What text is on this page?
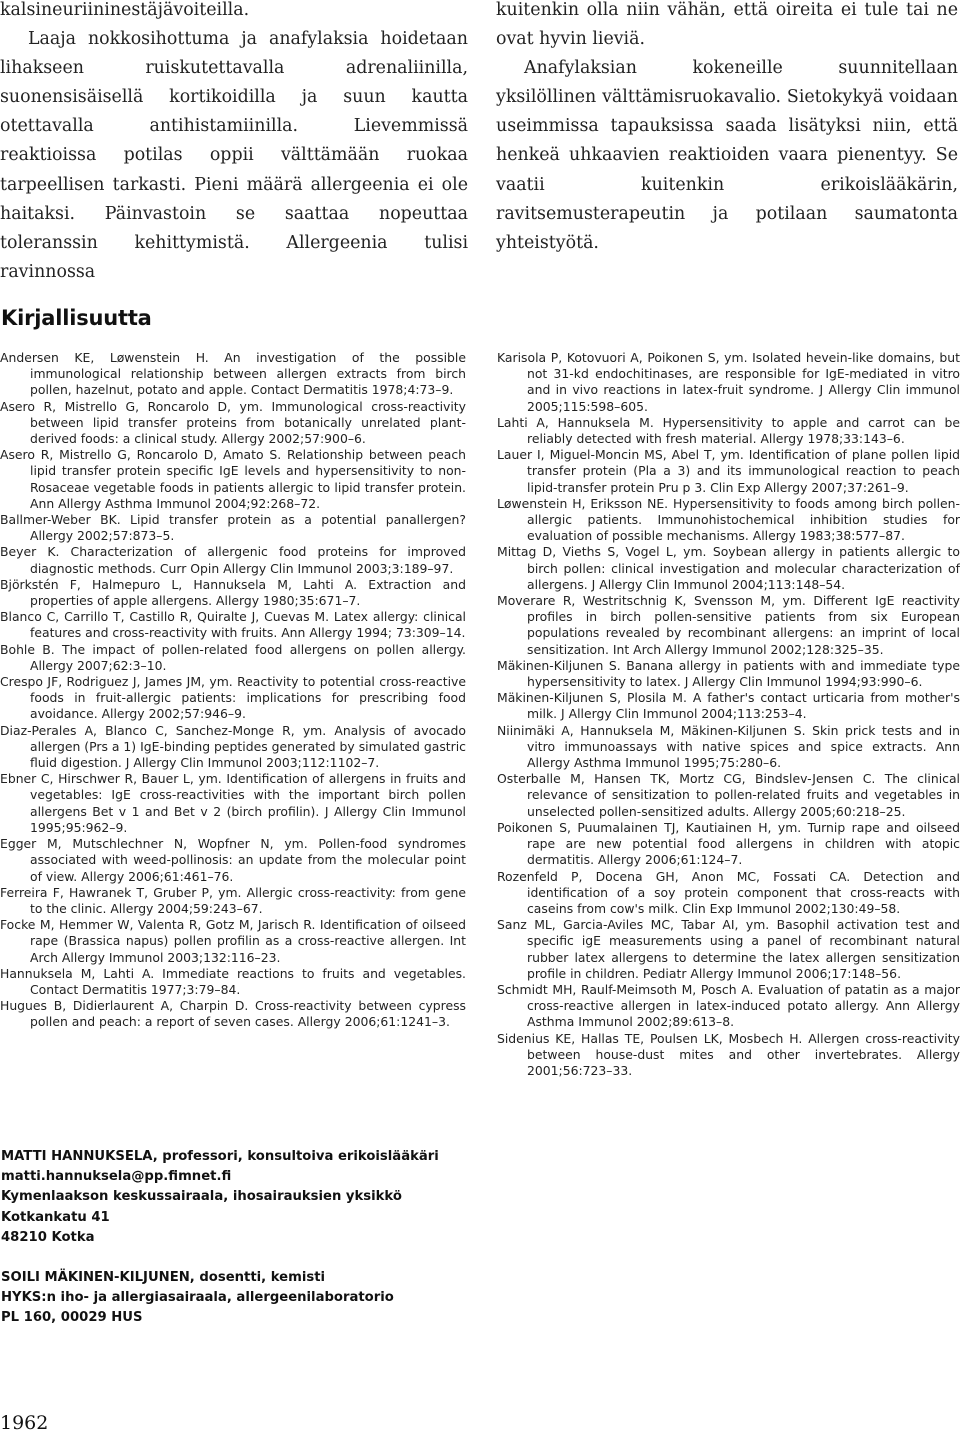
kalsineuriininestäjävoiteilla.

Laaja nokkosihottuma ja anafylaksia hoidetaan lihakseen ruiskutettavalla adrenaliinilla, suonensisäisellä kortikoidilla ja suun kautta otettavalla antihistamiinilla. Lievemmissä reaktioissa potilas oppii välttämään ruokaa tarpeellisen tarkasti. Pieni määrä allergeenia ei ole haitaksi. Päinvastoin se saattaa nopeuttaa toleranssin kehittymistä. Allergeenia tulisi ravinnossa

kuitenkin olla niin vähän, että oireita ei tule tai ne ovat hyvin lieviä.

Anafylaksian kokeneille suunnitellaan yksilöllinen välttämisruokavalio. Sietokykyä voidaan useimmissa tapauksissa saada lisätyksi niin, että henkeä uhkaavien reaktioiden vaara pienentyy. Se vaatii kuitenkin erikoislääkärin, ravitsemusterapeutin ja potilaan saumatonta yhteistyötä.

Kirjallisuutta

Andersen KE, Løwenstein H. An investigation of the possible immunological relationship between allergen extracts from birch pollen, hazelnut, potato and apple. Contact Dermatitis 1978;4:73–9.

Asero R, Mistrello G, Roncarolo D, ym. Immunological cross-reactivity between lipid transfer proteins from botanically unrelated plant-derived foods: a clinical study. Allergy 2002;57:900–6.

Asero R, Mistrello G, Roncarolo D, Amato S. Relationship between peach lipid transfer protein specific IgE levels and hypersensitivity to non-Rosaceae vegetable foods in patients allergic to lipid transfer protein. Ann Allergy Asthma Immunol 2004;92:268–72.

Ballmer-Weber BK. Lipid transfer protein as a potential panallergen? Allergy 2002;57:873–5.

Beyer K. Characterization of allergenic food proteins for improved diagnostic methods. Curr Opin Allergy Clin Immunol 2003;3:189–97.

Björkstén F, Halmepuro L, Hannuksela M, Lahti A. Extraction and properties of apple allergens. Allergy 1980;35:671–7.

Blanco C, Carrillo T, Castillo R, Quiralte J, Cuevas M. Latex allergy: clinical features and cross-reactivity with fruits. Ann Allergy 1994; 73:309–14.

Bohle B. The impact of pollen-related food allergens on pollen allergy. Allergy 2007;62:3–10.

Crespo JF, Rodriguez J, James JM, ym. Reactivity to potential cross-reactive foods in fruit-allergic patients: implications for prescribing food avoidance. Allergy 2002;57:946–9.

Diaz-Perales A, Blanco C, Sanchez-Monge R, ym. Analysis of avocado allergen (Prs a 1) IgE-binding peptides generated by simulated gastric fluid digestion. J Allergy Clin Immunol 2003;112:1102–7.

Ebner C, Hirschwer R, Bauer L, ym. Identification of allergens in fruits and vegetables: IgE cross-reactivities with the important birch pollen allergens Bet v 1 and Bet v 2 (birch profilin). J Allergy Clin Immunol 1995;95:962–9.

Egger M, Mutschlechner N, Wopfner N, ym. Pollen-food syndromes associated with weed-pollinosis: an update from the molecular point of view. Allergy 2006;61:461–76.

Ferreira F, Hawranek T, Gruber P, ym. Allergic cross-reactivity: from gene to the clinic. Allergy 2004;59:243–67.

Focke M, Hemmer W, Valenta R, Gotz M, Jarisch R. Identification of oilseed rape (Brassica napus) pollen profilin as a cross-reactive allergen. Int Arch Allergy Immunol 2003;132:116–23.

Hannuksela M, Lahti A. Immediate reactions to fruits and vegetables. Contact Dermatitis 1977;3:79–84.

Hugues B, Didierlaurent A, Charpin D. Cross-reactivity between cypress pollen and peach: a report of seven cases. Allergy 2006;61:1241–3.

Karisola P, Kotovuori A, Poikonen S, ym. Isolated hevein-like domains, but not 31-kd endochitinases, are responsible for IgE-mediated in vitro and in vivo reactions in latex-fruit syndrome. J Allergy Clin immunol 2005;115:598–605.

Lahti A, Hannuksela M. Hypersensitivity to apple and carrot can be reliably detected with fresh material. Allergy 1978;33:143–6.

Lauer I, Miguel-Moncin MS, Abel T, ym. Identification of plane pollen lipid transfer protein (Pla a 3) and its immunological reaction to peach lipid-transfer protein Pru p 3. Clin Exp Allergy 2007;37:261–9.

Løwenstein H, Eriksson NE. Hypersensitivity to foods among birch pollen-allergic patients. Immunohistochemical inhibition studies for evaluation of possible mechanisms. Allergy 1983;38:577–87.

Mittag D, Vieths S, Vogel L, ym. Soybean allergy in patients allergic to birch pollen: clinical investigation and molecular characterization of allergens. J Allergy Clin Immunol 2004;113:148–54.

Moverare R, Westritschnig K, Svensson M, ym. Different IgE reactivity profiles in birch pollen-sensitive patients from six European populations revealed by recombinant allergens: an imprint of local sensitization. Int Arch Allergy Immunol 2002;128:325–35.

Mäkinen-Kiljunen S. Banana allergy in patients with and immediate type hypersensitivity to latex. J Allergy Clin Immunol 1994;93:990–6.

Mäkinen-Kiljunen S, Plosila M. A father's contact urticaria from mother's milk. J Allergy Clin Immunol 2004;113:253–4.

Niinimäki A, Hannuksela M, Mäkinen-Kiljunen S. Skin prick tests and in vitro immunoassays with native spices and spice extracts. Ann Allergy Asthma Immunol 1995;75:280–6.

Osterballe M, Hansen TK, Mortz CG, Bindslev-Jensen C. The clinical relevance of sensitization to pollen-related fruits and vegetables in unselected pollen-sensitized adults. Allergy 2005;60:218–25.

Poikonen S, Puumalainen TJ, Kautiainen H, ym. Turnip rape and oilseed rape are new potential food allergens in children with atopic dermatitis. Allergy 2006;61:124–7.

Rozenfeld P, Docena GH, Anon MC, Fossati CA. Detection and identification of a soy protein component that cross-reacts with caseins from cow's milk. Clin Exp Immunol 2002;130:49–58.

Sanz ML, Garcia-Aviles MC, Tabar AI, ym. Basophil activation test and specific igE measurements using a panel of recombinant natural rubber latex allergens to determine the latex allergen sensitization profile in children. Pediatr Allergy Immunol 2006;17:148–56.

Schmidt MH, Raulf-Meimsoth M, Posch A. Evaluation of patatin as a major cross-reactive allergen in latex-induced potato allergy. Ann Allergy Asthma Immunol 2002;89:613–8.

Sidenius KE, Hallas TE, Poulsen LK, Mosbech H. Allergen cross-reactivity between house-dust mites and other invertebrates. Allergy 2001;56:723–33.

MATTI HANNUKSELA, professori, konsultoiva erikoislääkäri
matti.hannuksela@pp.fimnet.fi
Kymenlaakson keskussairaala, ihosairauksien yksikkö
Kotkankatu 41
48210 Kotka
SOILI MÄKINEN-KILJUNEN, dosentti, kemisti
HYKS:n iho- ja allergiasairaala, allergeenilaboratorio
PL 160, 00029 HUS
1962
